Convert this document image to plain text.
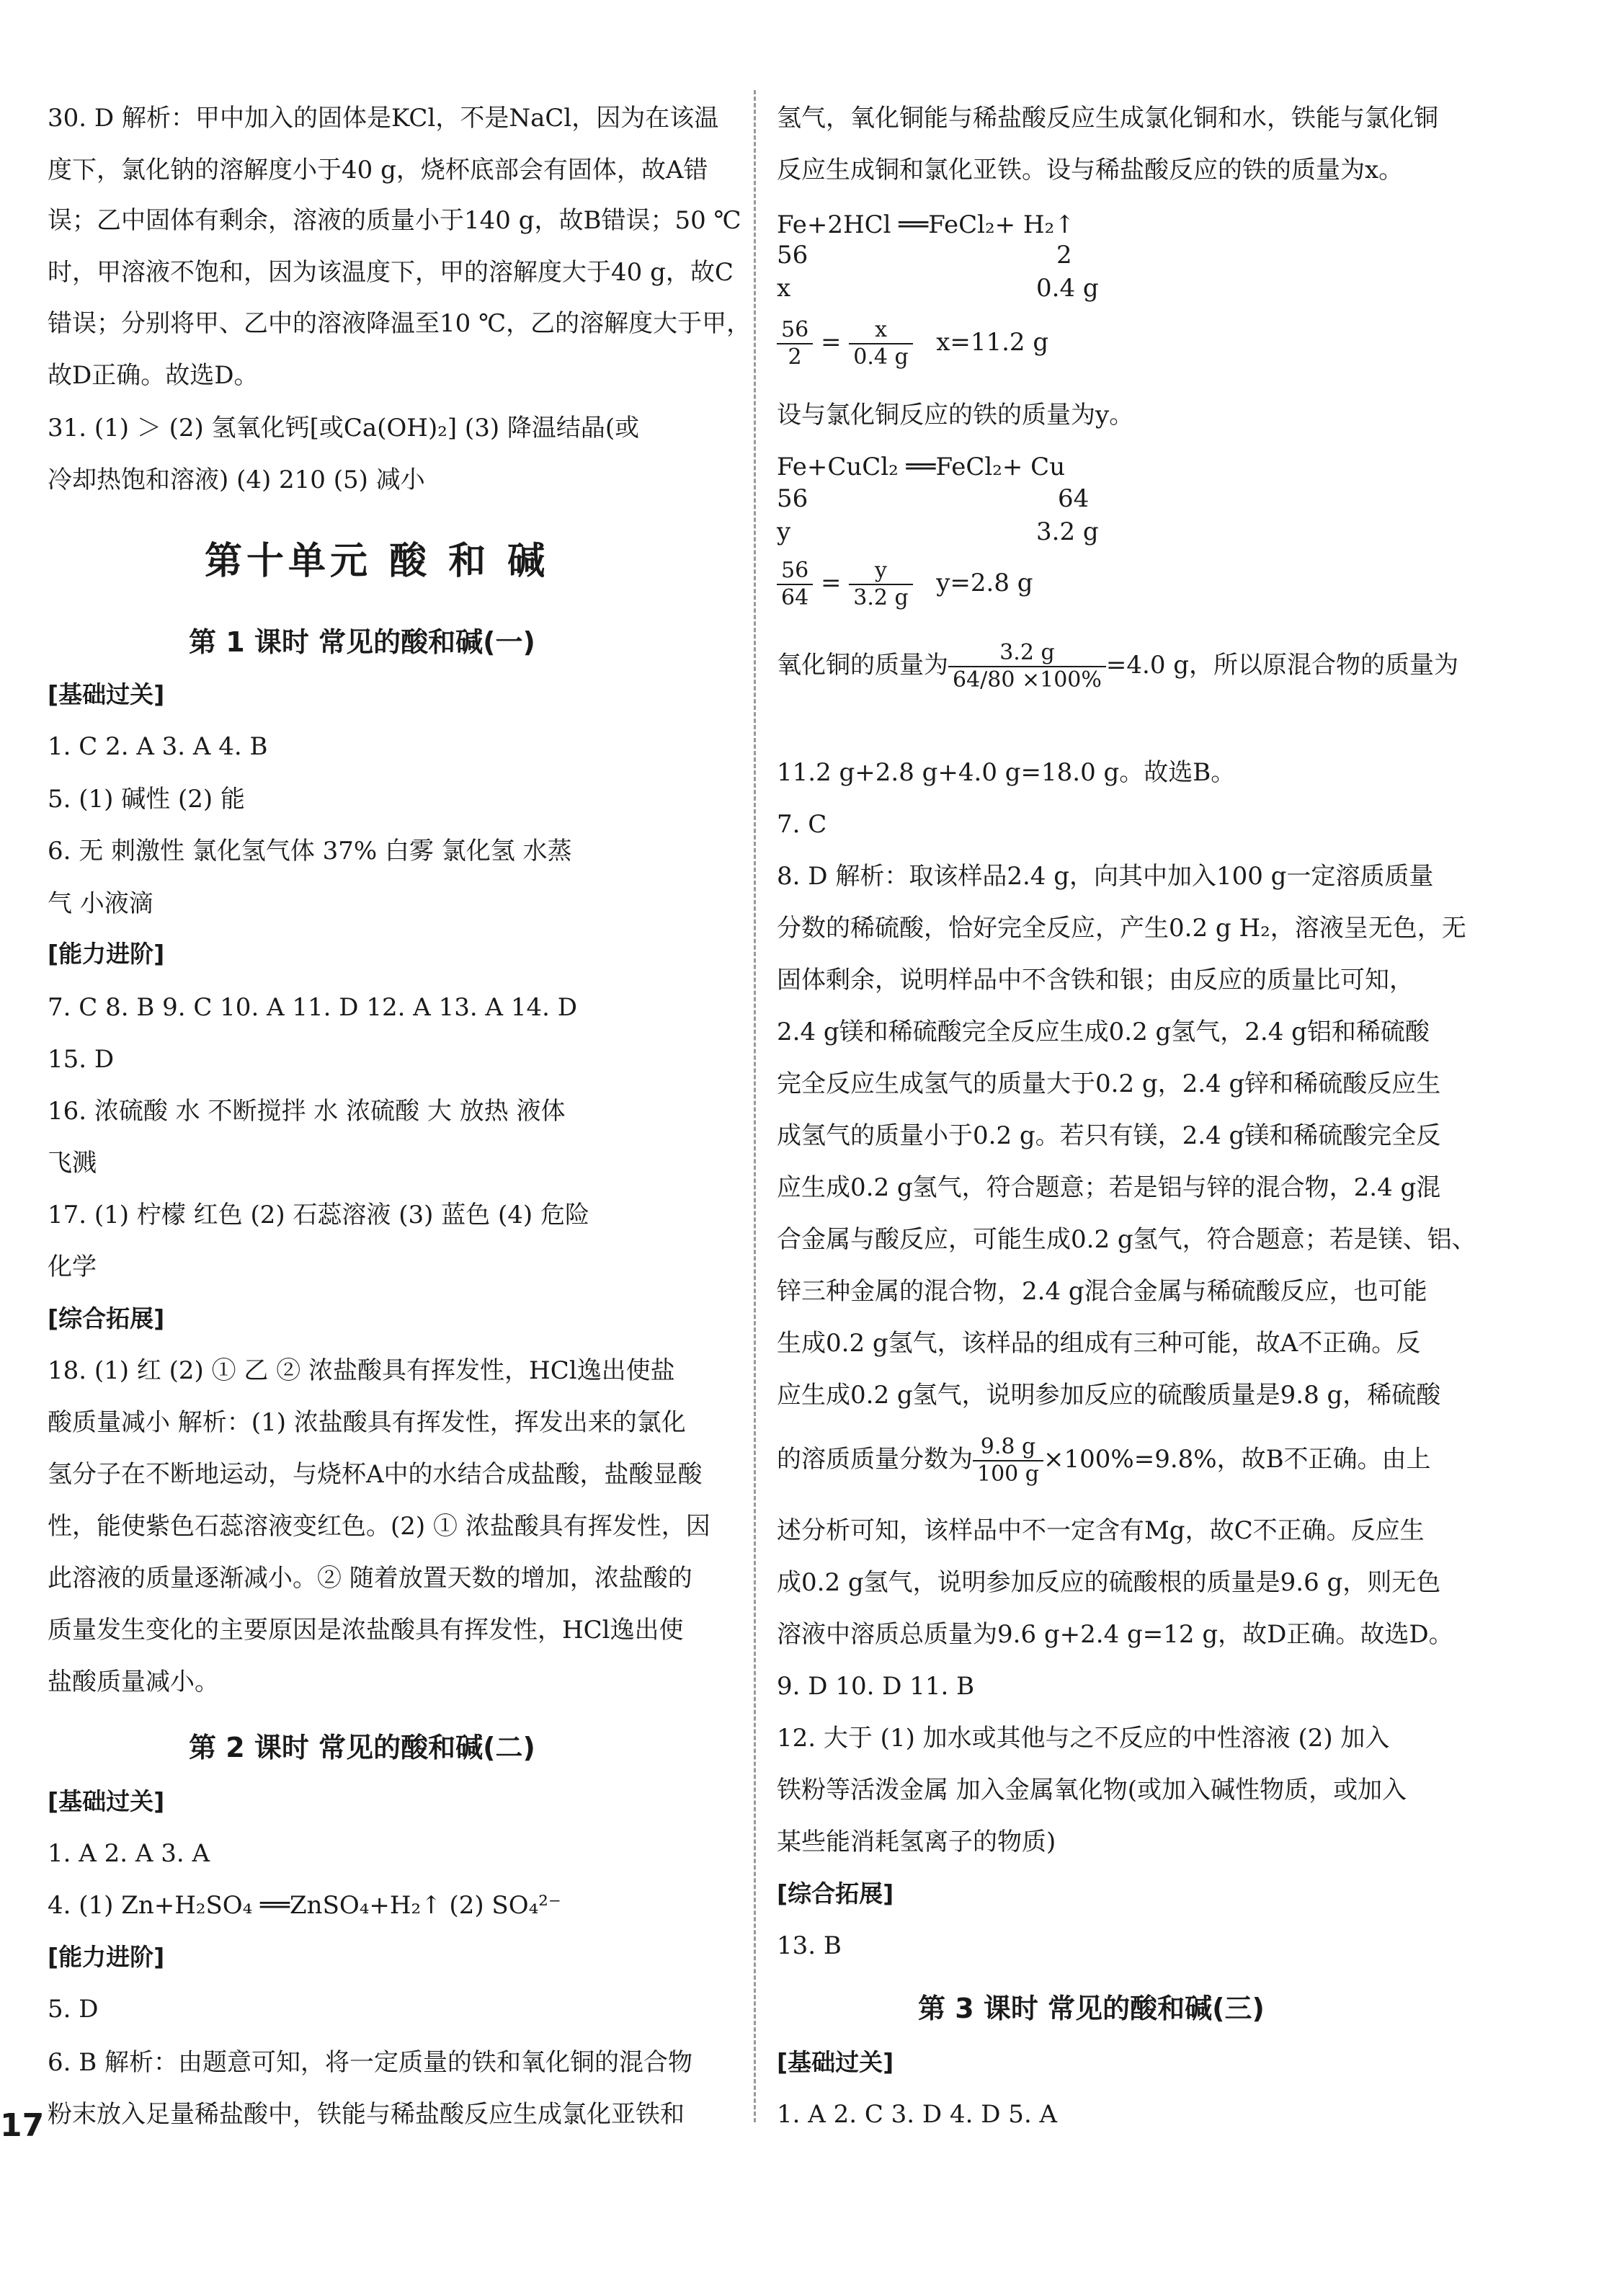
30. D 解析：甲中加入的固体是KCl，不是NaCl，因为在该温
度下，氯化钠的溶解度小于40 g，烧杯底部会有固体，故A错
误；乙中固体有剩余，溶液的质量小于140 g，故B错误；50 ℃
时，甲溶液不饱和，因为该温度下，甲的溶解度大于40 g，故C
错误；分别将甲、乙中的溶液降温至10 ℃，乙的溶解度大于甲，
故D正确。故选D。
31. (1) ＞ (2) 氢氧化钙[或Ca(OH)₂] (3) 降温结晶(或
冷却热饱和溶液) (4) 210 (5) 减小
第十单元 酸 和 碱
第 1 课时 常见的酸和碱(一)
[基础过关]
1. C 2. A 3. A 4. B
5. (1) 碱性 (2) 能
6. 无 刺激性 氯化氢气体 37% 白雾 氯化氢 水蒸
气 小液滴
[能力进阶]
7. C 8. B 9. C 10. A 11. D 12. A 13. A 14. D
15. D
16. 浓硫酸 水 不断搅拌 水 浓硫酸 大 放热 液体
飞溅
17. (1) 柠檬 红色 (2) 石蕊溶液 (3) 蓝色 (4) 危险
化学
[综合拓展]
18. (1) 红 (2) ① 乙 ② 浓盐酸具有挥发性，HCl逸出使盐
酸质量减小 解析：(1) 浓盐酸具有挥发性，挥发出来的氯化
氢分子在不断地运动，与烧杯A中的水结合成盐酸，盐酸显酸
性，能使紫色石蕊溶液变红色。(2) ① 浓盐酸具有挥发性，因
此溶液的质量逐渐减小。② 随着放置天数的增加，浓盐酸的
质量发生变化的主要原因是浓盐酸具有挥发性，HCl逸出使
盐酸质量减小。
第 2 课时 常见的酸和碱(二)
[基础过关]
1. A 2. A 3. A
4. (1) Zn+H₂SO₄ ══ZnSO₄+H₂↑ (2) SO₄²⁻
[能力进阶]
5. D
6. B 解析：由题意可知，将一定质量的铁和氧化铜的混合物
粉末放入足量稀盐酸中，铁能与稀盐酸反应生成氯化亚铁和
17
氢气，氧化铜能与稀盐酸反应生成氯化铜和水，铁能与氯化铜
反应生成铜和氯化亚铁。设与稀盐酸反应的铁的质量为x。
Fe+2HCl ══FeCl₂+ H₂↑
56	2
x	0.4 g
$\frac{56}{2} = \frac{x}{0.4 g} x=11.2$ g
设与氯化铜反应的铁的质量为y。
Fe+CuCl₂ ══FeCl₂+ Cu
56	64
y	3.2 g
$\frac{56}{64} = \frac{y}{3.2 g} y=2.8$ g
氧化铜的质量为 $\frac{3.2 g}{64/80 \times 100\%} =4.0$ g，所以原混合物的质量为
11.2 g+2.8 g+4.0 g=18.0 g。故选B。
7. C
8. D 解析：取该样品2.4 g，向其中加入100 g一定溶质质量
分数的稀硫酸，恰好完全反应，产生0.2 g H₂，溶液呈无色，无
固体剩余，说明样品中不含铁和银；由反应的质量比可知，
2.4 g镁和稀硫酸完全反应生成0.2 g氢气，2.4 g铝和稀硫酸
完全反应生成氢气的质量大于0.2 g，2.4 g锌和稀硫酸反应生
成氢气的质量小于0.2 g。若只有镁，2.4 g镁和稀硫酸完全反
应生成0.2 g氢气，符合题意；若是铝与锌的混合物，2.4 g混
合金属与酸反应，可能生成0.2 g氢气，符合题意；若是镁、铝、
锌三种金属的混合物，2.4 g混合金属与稀硫酸反应，也可能
生成0.2 g氢气，该样品的组成有三种可能，故A不正确。反
应生成0.2 g氢气，说明参加反应的硫酸质量是9.8 g，稀硫酸
的溶质质量分数为 $\frac{9.8 g}{100 g} \times 100\%=9.8\%$，故B不正确。由上
述分析可知，该样品中不一定含有Mg，故C不正确。反应生
成0.2 g氢气，说明参加反应的硫酸根的质量是9.6 g，则无色
溶液中溶质总质量为9.6 g+2.4 g=12 g，故D正确。故选D。
9. D 10. D 11. B
12. 大于 (1) 加水或其他与之不反应的中性溶液 (2) 加入
铁粉等活泼金属 加入金属氧化物(或加入碱性物质，或加入
某些能消耗氢离子的物质)
[综合拓展]
13. B
第 3 课时 常见的酸和碱(三)
[基础过关]
1. A 2. C 3. D 4. D 5. A
